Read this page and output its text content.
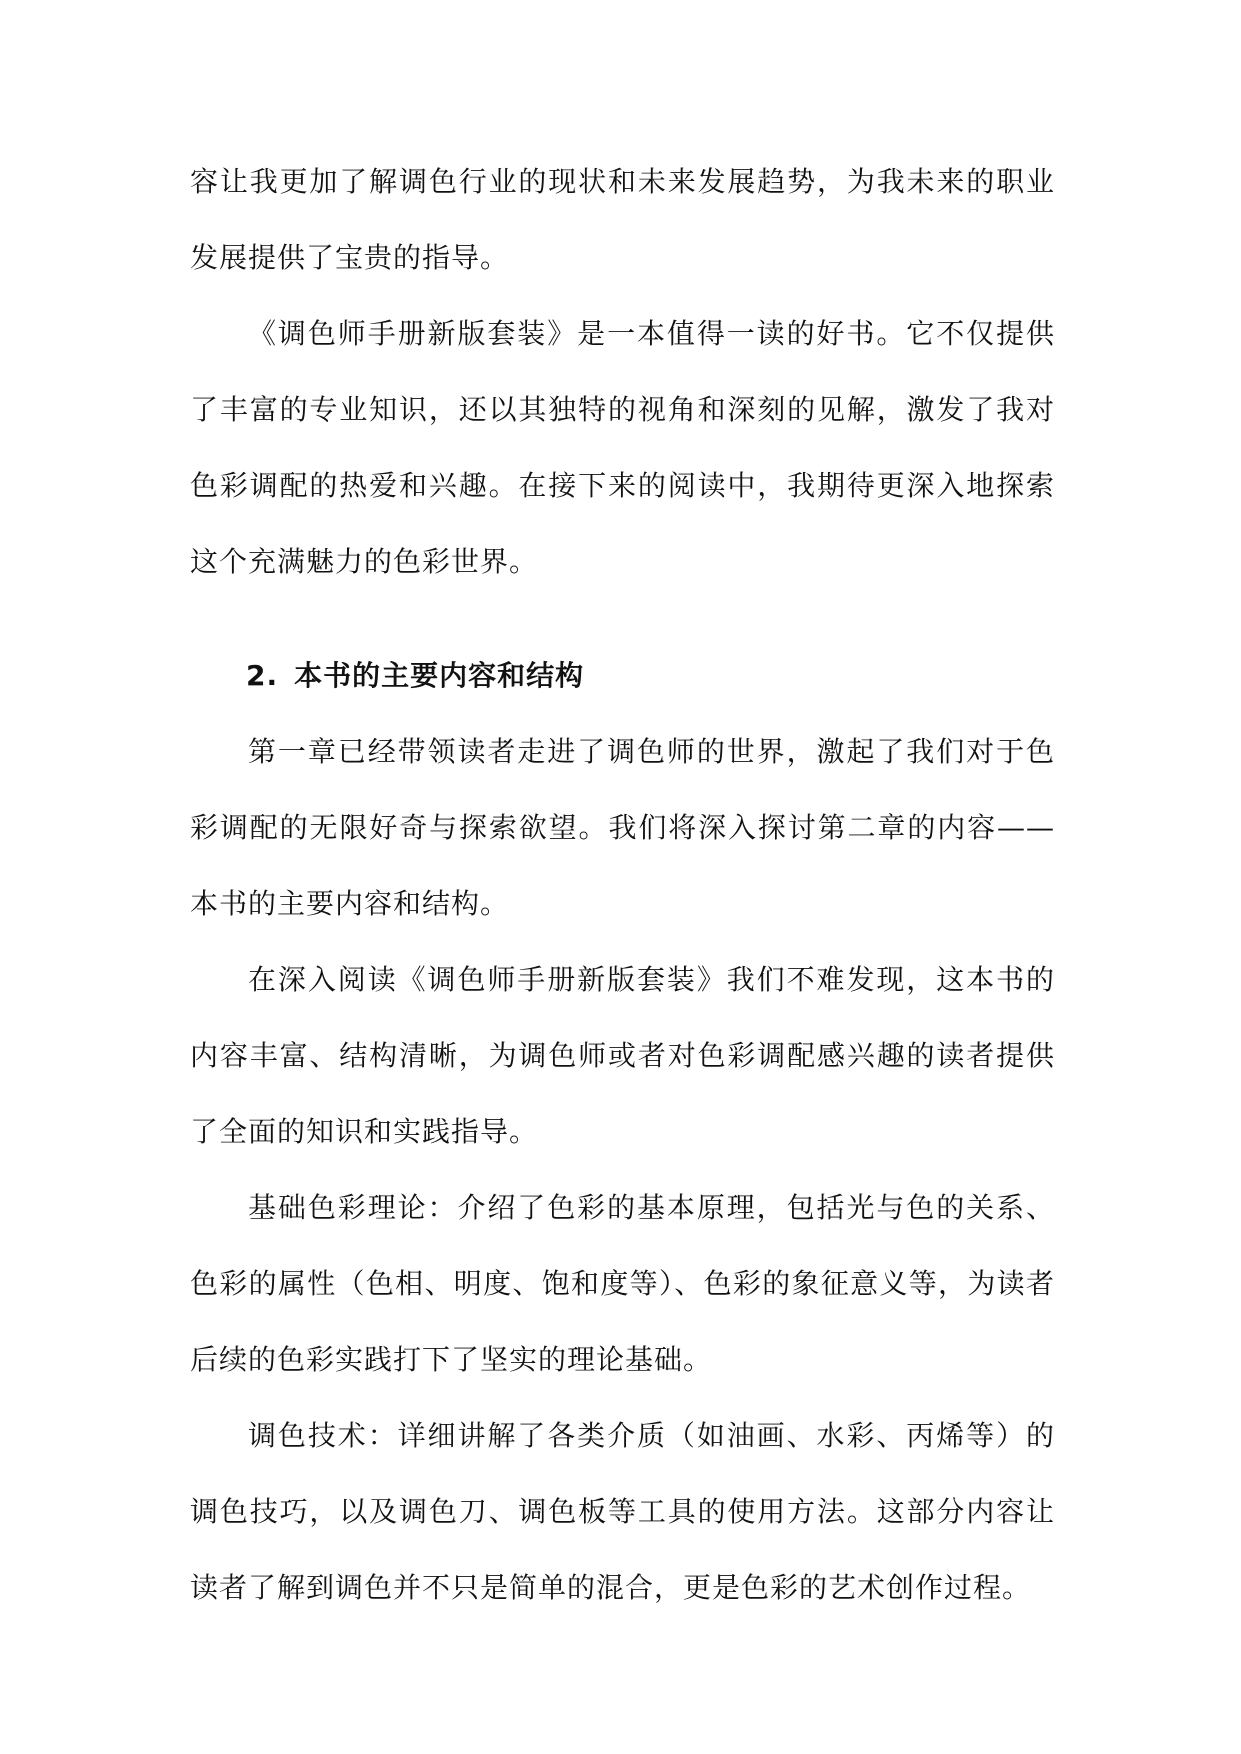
容让我更加了解调色行业的现状和未来发展趋势，为我未来的职业发展提供了宝贵的指导。

《调色师手册新版套装》是一本值得一读的好书。它不仅提供了丰富的专业知识，还以其独特的视角和深刻的见解，激发了我对色彩调配的热爱和兴趣。在接下来的阅读中，我期待更深入地探索这个充满魅力的色彩世界。

2. 本书的主要内容和结构

第一章已经带领读者走进了调色师的世界，激起了我们对于色彩调配的无限好奇与探索欲望。我们将深入探讨第二章的内容——本书的主要内容和结构。

在深入阅读《调色师手册新版套装》我们不难发现，这本书的内容丰富、结构清晰，为调色师或者对色彩调配感兴趣的读者提供了全面的知识和实践指导。

基础色彩理论：介绍了色彩的基本原理，包括光与色的关系、色彩的属性（色相、明度、饱和度等）、色彩的象征意义等，为读者后续的色彩实践打下了坚实的理论基础。

调色技术：详细讲解了各类介质（如油画、水彩、丙烯等）的调色技巧，以及调色刀、调色板等工具的使用方法。这部分内容让读者了解到调色并不只是简单的混合，更是色彩的艺术创作过程。
